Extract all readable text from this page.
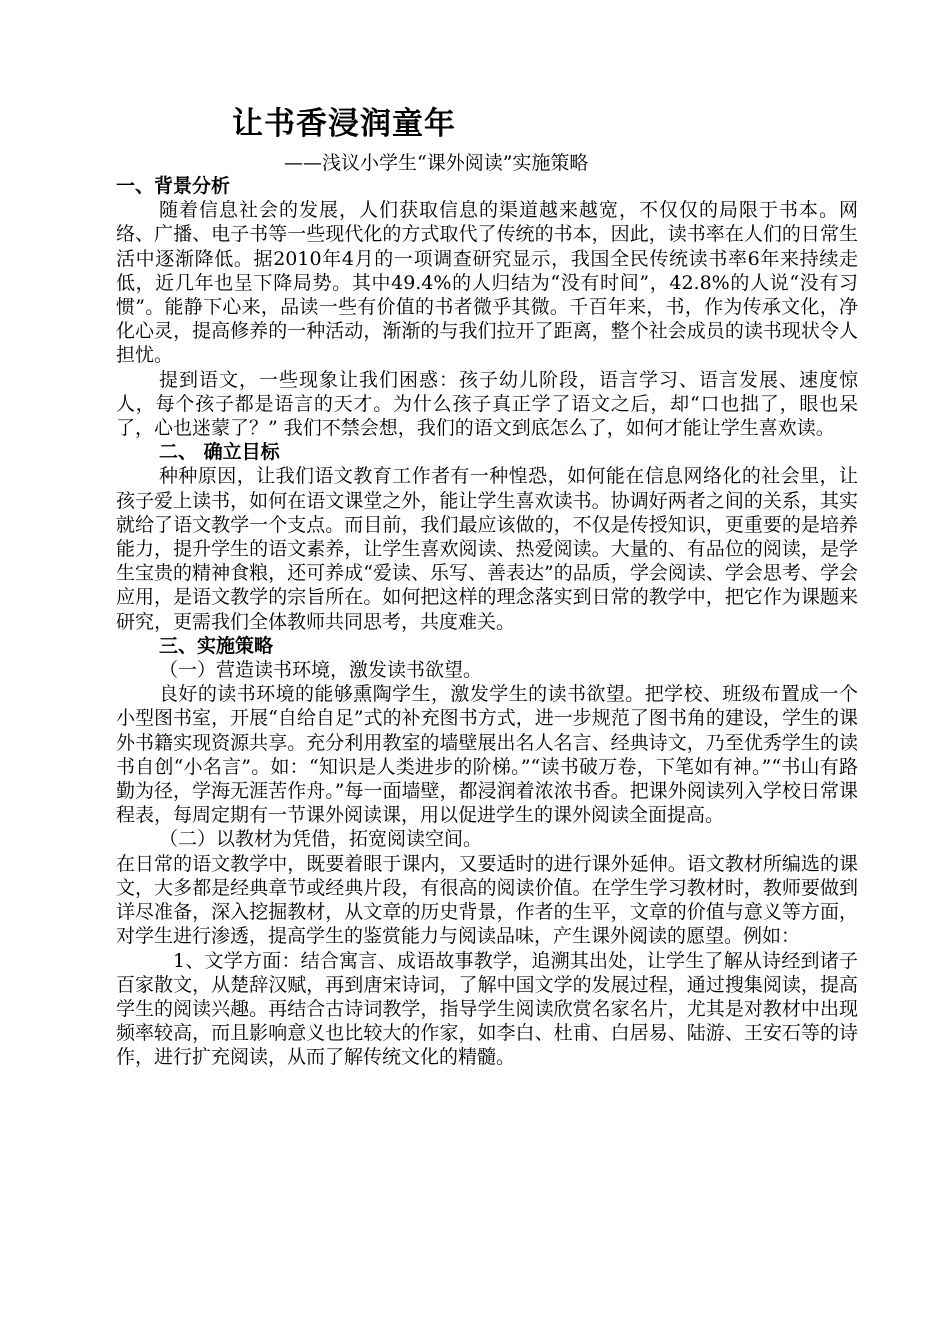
让书香浸润童年
——浅议小学生“课外阅读”实施策略

一、背景分析

随着信息社会的发展，人们获取信息的渠道越来越宽，不仅仅的局限于书本。网络、广播、电子书等一些现代化的方式取代了传统的书本，因此，读书率在人们的日常生活中逐渐降低。据2010年4月的一项调查研究显示，我国全民传统读书率6年来持续走低，近几年也呈下降局势。其中49.4%的人归结为“没有时间”，42.8%的人说“没有习惯”。能静下心来，品读一些有价值的书者微乎其微。千百年来，书，作为传承文化，净化心灵，提高修养的一种活动，渐渐的与我们拉开了距离，整个社会成员的读书现状令人担忧。

提到语文，一些现象让我们困惑：孩子幼儿阶段，语言学习、语言发展、速度惊人，每个孩子都是语言的天才。为什么孩子真正学了语文之后，却“口也拙了，眼也呆了，心也迷蒙了？” 我们不禁会想，我们的语文到底怎么了，如何才能让学生喜欢读。

二、 确立目标

种种原因，让我们语文教育工作者有一种惶恐，如何能在信息网络化的社会里，让孩子爱上读书，如何在语文课堂之外，能让学生喜欢读书。协调好两者之间的关系，其实就给了语文教学一个支点。而目前，我们最应该做的，不仅是传授知识，更重要的是培养能力，提升学生的语文素养，让学生喜欢阅读、热爱阅读。大量的、有品位的阅读，是学生宝贵的精神食粮，还可养成“爱读、乐写、善表达”的品质，学会阅读、学会思考、学会应用，是语文教学的宗旨所在。如何把这样的理念落实到日常的教学中，把它作为课题来研究，更需我们全体教师共同思考，共度难关。

三、实施策略

（一）营造读书环境，激发读书欲望。

良好的读书环境的能够熏陶学生，激发学生的读书欲望。把学校、班级布置成一个小型图书室，开展“自给自足”式的补充图书方式，进一步规范了图书角的建设，学生的课外书籍实现资源共享。充分利用教室的墙壁展出名人名言、经典诗文，乃至优秀学生的读书自创“小名言”。如：“知识是人类进步的阶梯。”“读书破万卷，下笔如有神。”“书山有路勤为径，学海无涯苦作舟。”每一面墙壁，都浸润着浓浓书香。把课外阅读列入学校日常课程表，每周定期有一节课外阅读课，用以促进学生的课外阅读全面提高。

（二）以教材为凭借，拓宽阅读空间。

在日常的语文教学中，既要着眼于课内，又要适时的进行课外延伸。语文教材所编选的课文，大多都是经典章节或经典片段，有很高的阅读价值。在学生学习教材时，教师要做到详尽准备，深入挖掘教材，从文章的历史背景，作者的生平，文章的价值与意义等方面，对学生进行渗透，提高学生的鉴赏能力与阅读品味，产生课外阅读的愿望。例如：

1、文学方面：结合寓言、成语故事教学，追溯其出处，让学生了解从诗经到诸子百家散文，从楚辞汉赋，再到唐宋诗词，了解中国文学的发展过程，通过搜集阅读，提高学生的阅读兴趣。再结合古诗词教学，指导学生阅读欣赏名家名片，尤其是对教材中出现频率较高，而且影响意义也比较大的作家，如李白、杜甫、白居易、陆游、王安石等的诗作，进行扩充阅读，从而了解传统文化的精髓。
